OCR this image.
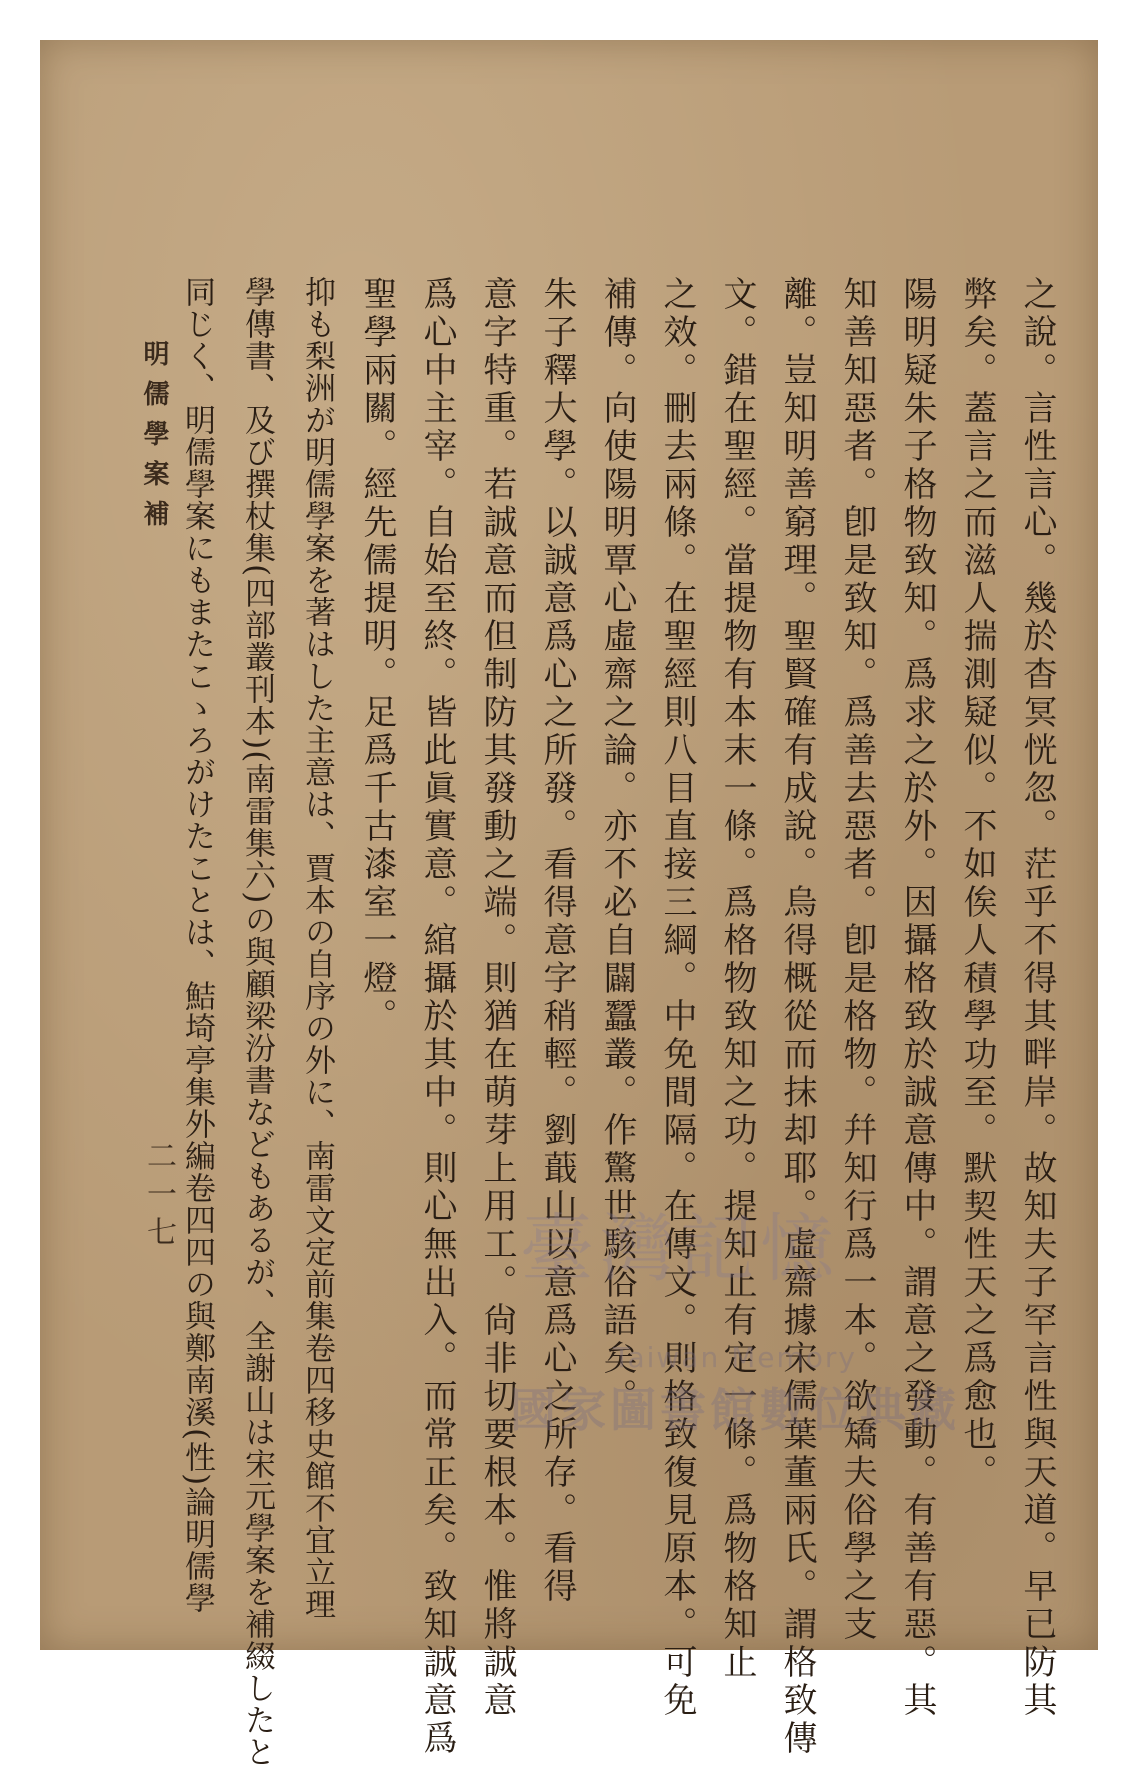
之說。言性言心。幾於杳冥恍忽。茫乎不得其畔岸。故知夫子罕言性與天道。早已防其
弊矣。蓋言之而滋人揣測疑似。不如俟人積學功至。默契性天之爲愈也。
陽明疑朱子格物致知。爲求之於外。因攝格致於誠意傳中。謂意之發動。有善有惡。其
知善知惡者。卽是致知。爲善去惡者。卽是格物。幷知行爲一本。欲矯夫俗學之支
離。豈知明善窮理。聖賢確有成說。烏得概從而抹却耶。虛齋據宋儒葉董兩氏。謂格致傳
文。錯在聖經。當提物有本末一條。爲格物致知之功。提知止有定一條。爲物格知止
之效。刪去兩條。在聖經則八目直接三綱。中免間隔。在傳文。則格致復見原本。可免
補傳。向使陽明覃心虛齋之論。亦不必自闢蠶叢。作驚世駭俗語矣。
朱子釋大學。以誠意爲心之所發。看得意字稍輕。劉蕺山以意爲心之所存。看得
意字特重。若誠意而但制防其發動之端。則猶在萌芽上用工。尙非切要根本。惟將誠意
爲心中主宰。自始至終。皆此眞實意。綰攝於其中。則心無出入。而常正矣。致知誠意爲
聖學兩關。經先儒提明。足爲千古漆室一燈。
抑も梨洲が明儒學案を著はした主意は、賈本の自序の外に、南雷文定前集卷四移史館不宜立理
學傳書、及び撰杖集(四部叢刊本)(南雷集六)の與顧梁汾書などもあるが、全謝山は宋元學案を補綴したと
同じく、明儒學案にもまたこゝろがけたことは、鮚埼亭集外編卷四四の與鄭南溪(性)論明儒學
明儒學案補
二一七	臺灣記憶
Taiwan Memory
國家圖書館數位典藏
